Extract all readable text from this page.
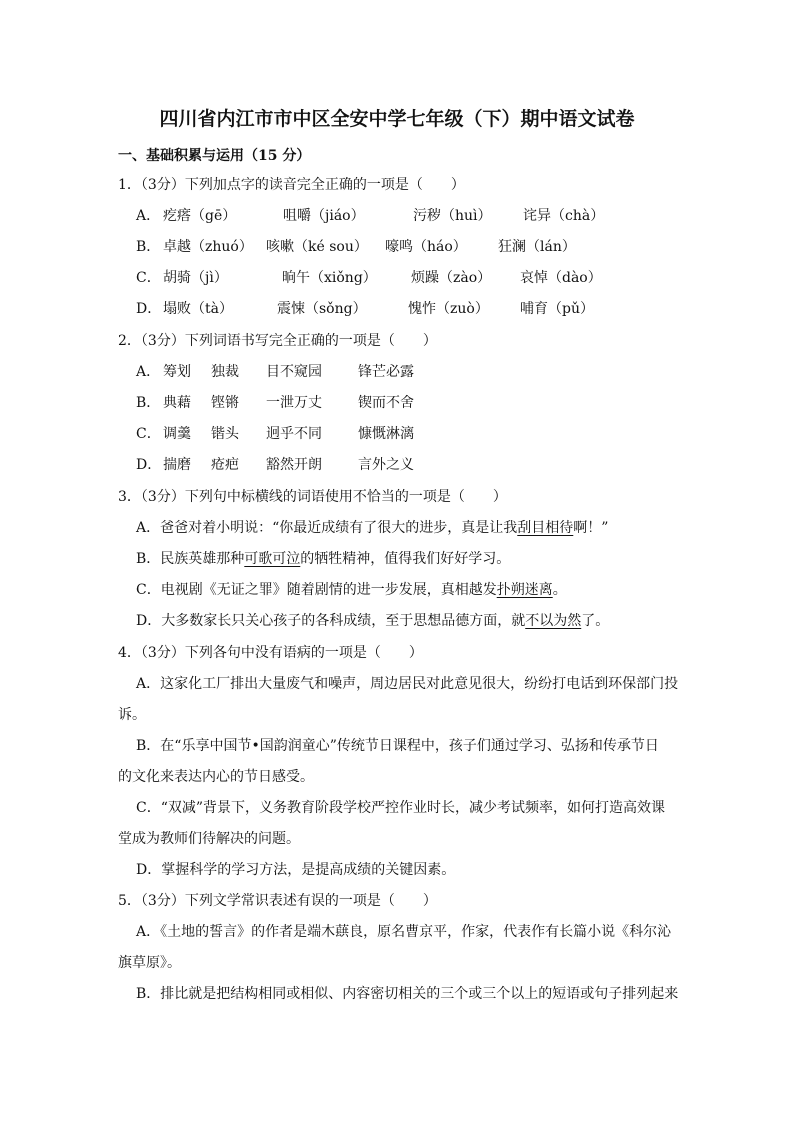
四川省内江市市中区全安中学七年级（下）期中语文试卷
一、基础积累与运用（15 分）
1．（3分）下列加点字的读音完全正确的一项是（　　）
A． 疙瘩（gē）	咀嚼（jiáo）	污秽（huì） 诧异（chà）
B． 卓越（zhuó） 咳嗽（ké sou） 嚎鸣（háo） 狂澜（lán）
C． 胡骑（jì）	晌午（xiǒng） 烦躁（zào） 哀悼（dào）
D． 塌败（tà）	震悚（sǒng）	愧怍（zuò） 哺育（pǔ）
2．（3分）下列词语书写完全正确的一项是（　　）
A． 筹划 独裁 目不窥园	锋芒必露
B． 典藉 铿锵 一泄万丈	锲而不舍
C． 调羹 锴头 迥乎不同	慷慨淋漓
D． 揣磨 疮疤 豁然开朗	言外之义
3．（3分）下列句中标横线的词语使用不恰当的一项是（　　）
A．爸爸对着小明说：“你最近成绩有了很大的进步，真是让我刮目相待啊！”
B．民族英雄那种可歌可泣的牺牲精神，值得我们好好学习。
C．电视剧《无证之罪》随着剧情的进一步发展，真相越发扑朔迷离。
D．大多数家长只关心孩子的各科成绩，至于思想品德方面，就不以为然了。
4．（3分）下列各句中没有语病的一项是（　　）
A．这家化工厂排出大量废气和噪声，周边居民对此意见很大，纷纷打电话到环保部门投
诉。
B．在“乐享中国节•国韵润童心”传统节日课程中，孩子们通过学习、弘扬和传承节日
的文化来表达内心的节日感受。
C．“双减”背景下，义务教育阶段学校严控作业时长，减少考试频率，如何打造高效课
堂成为教师们待解决的问题。
D．掌握科学的学习方法，是提高成绩的关键因素。
5．（3分）下列文学常识表述有误的一项是（　　）
A．《土地的誓言》的作者是端木蕻良，原名曹京平，作家，代表作有长篇小说《科尔沁
旗草原》。
B．排比就是把结构相同或相似、内容密切相关的三个或三个以上的短语或句子排列起来
